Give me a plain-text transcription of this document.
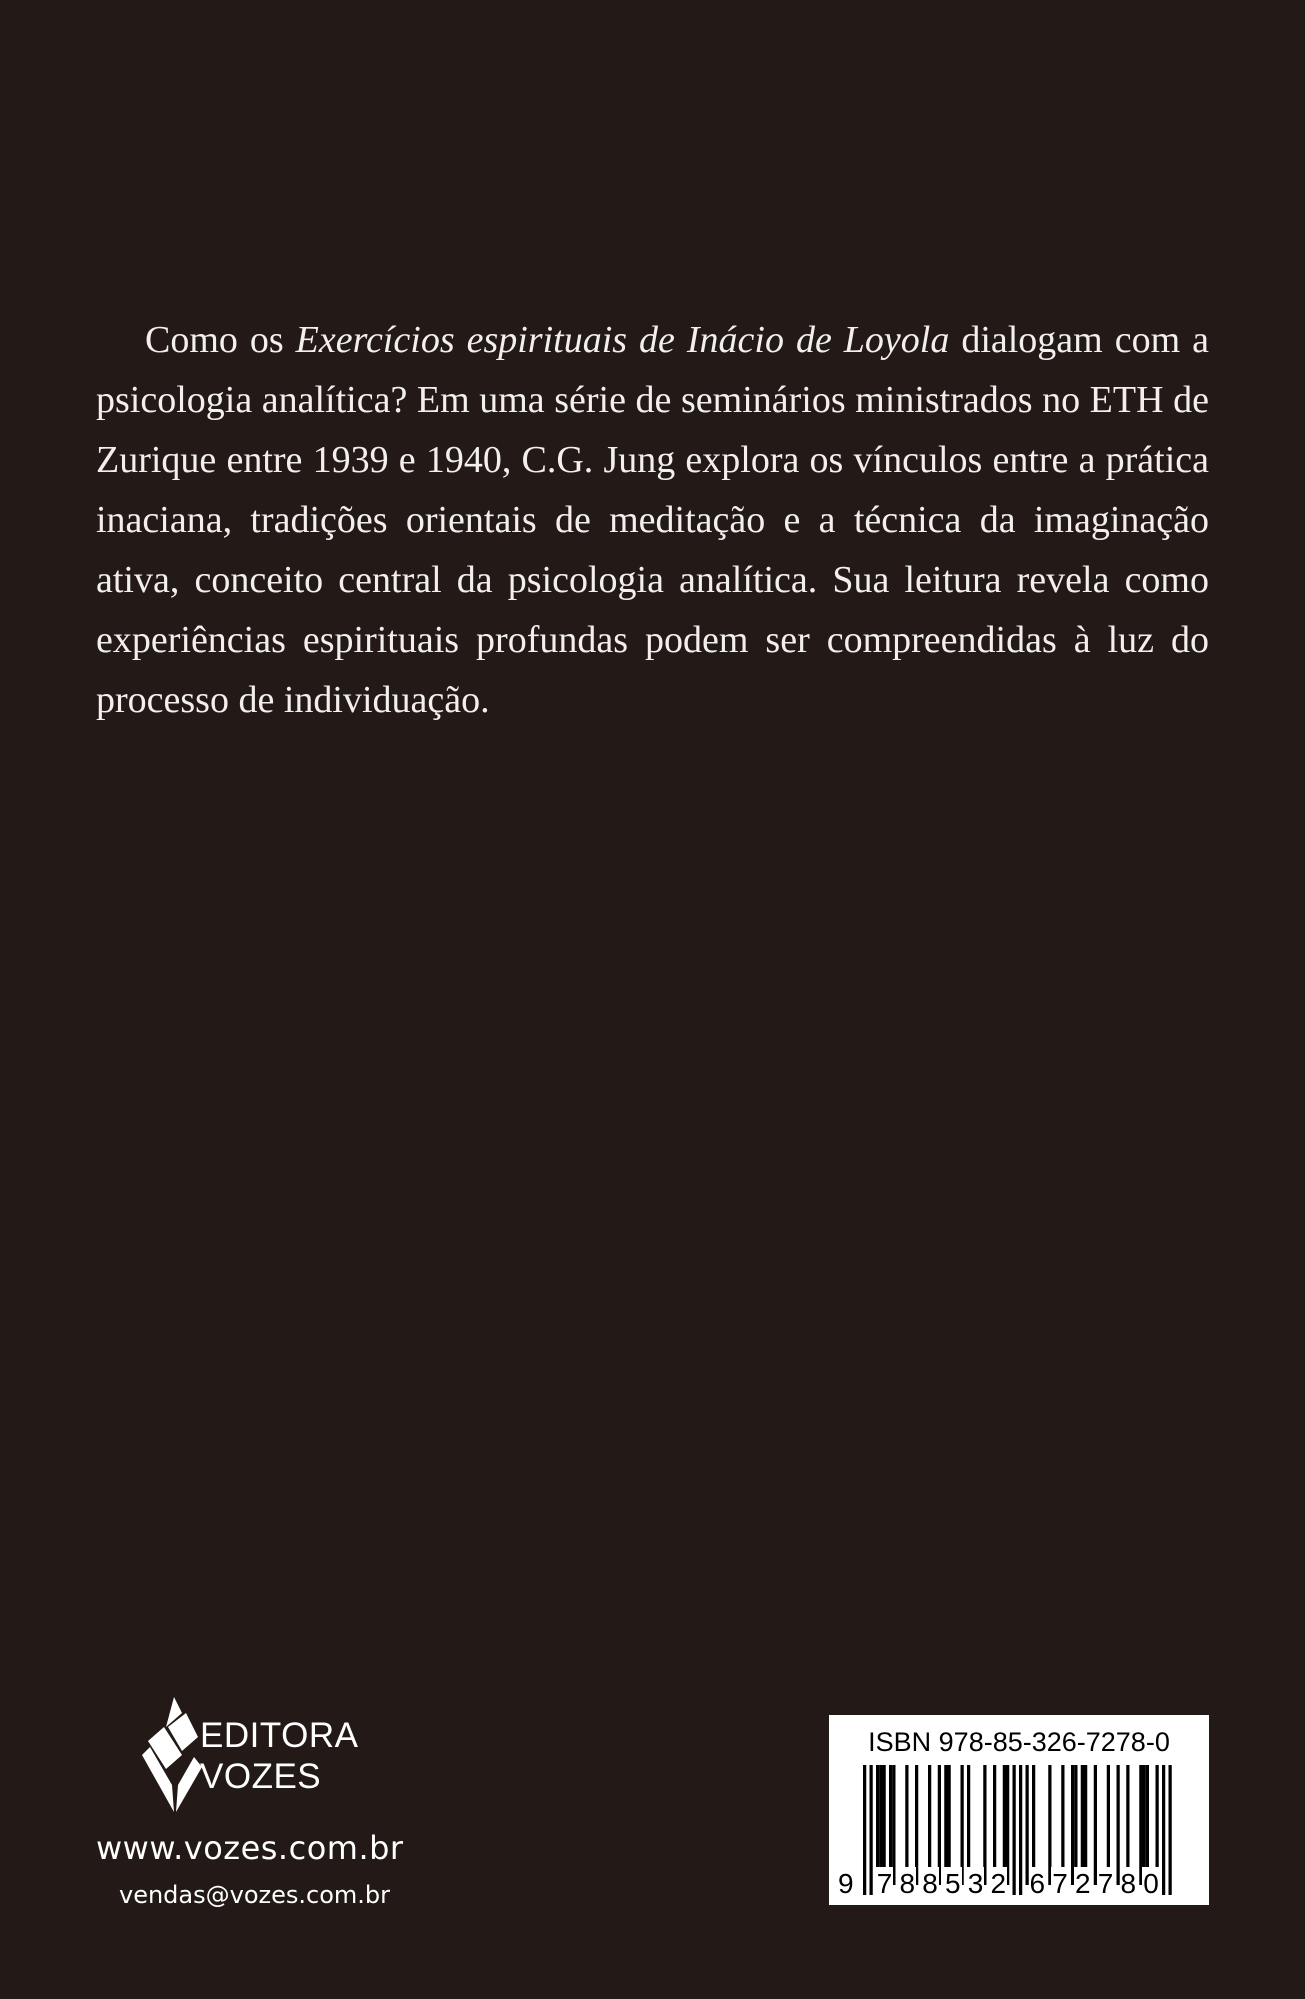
Como os Exercícios espirituais de Inácio de Loyola dialogam com a psicologia analítica? Em uma série de seminários ministrados no ETH de Zurique entre 1939 e 1940, C.G. Jung explora os vínculos entre a prática inaciana, tradições orientais de meditação e a técnica da imaginação ativa, conceito central da psicologia analítica. Sua leitura revela como experiências espirituais profundas podem ser compreendidas à luz do processo de individuação.

EDITORA
VOZES
www.vozes.com.br
vendas@vozes.com.br
ISBN 978-85-326-7278-0
9 7 8 8 5 3 2 6 7 2 7 8 0
